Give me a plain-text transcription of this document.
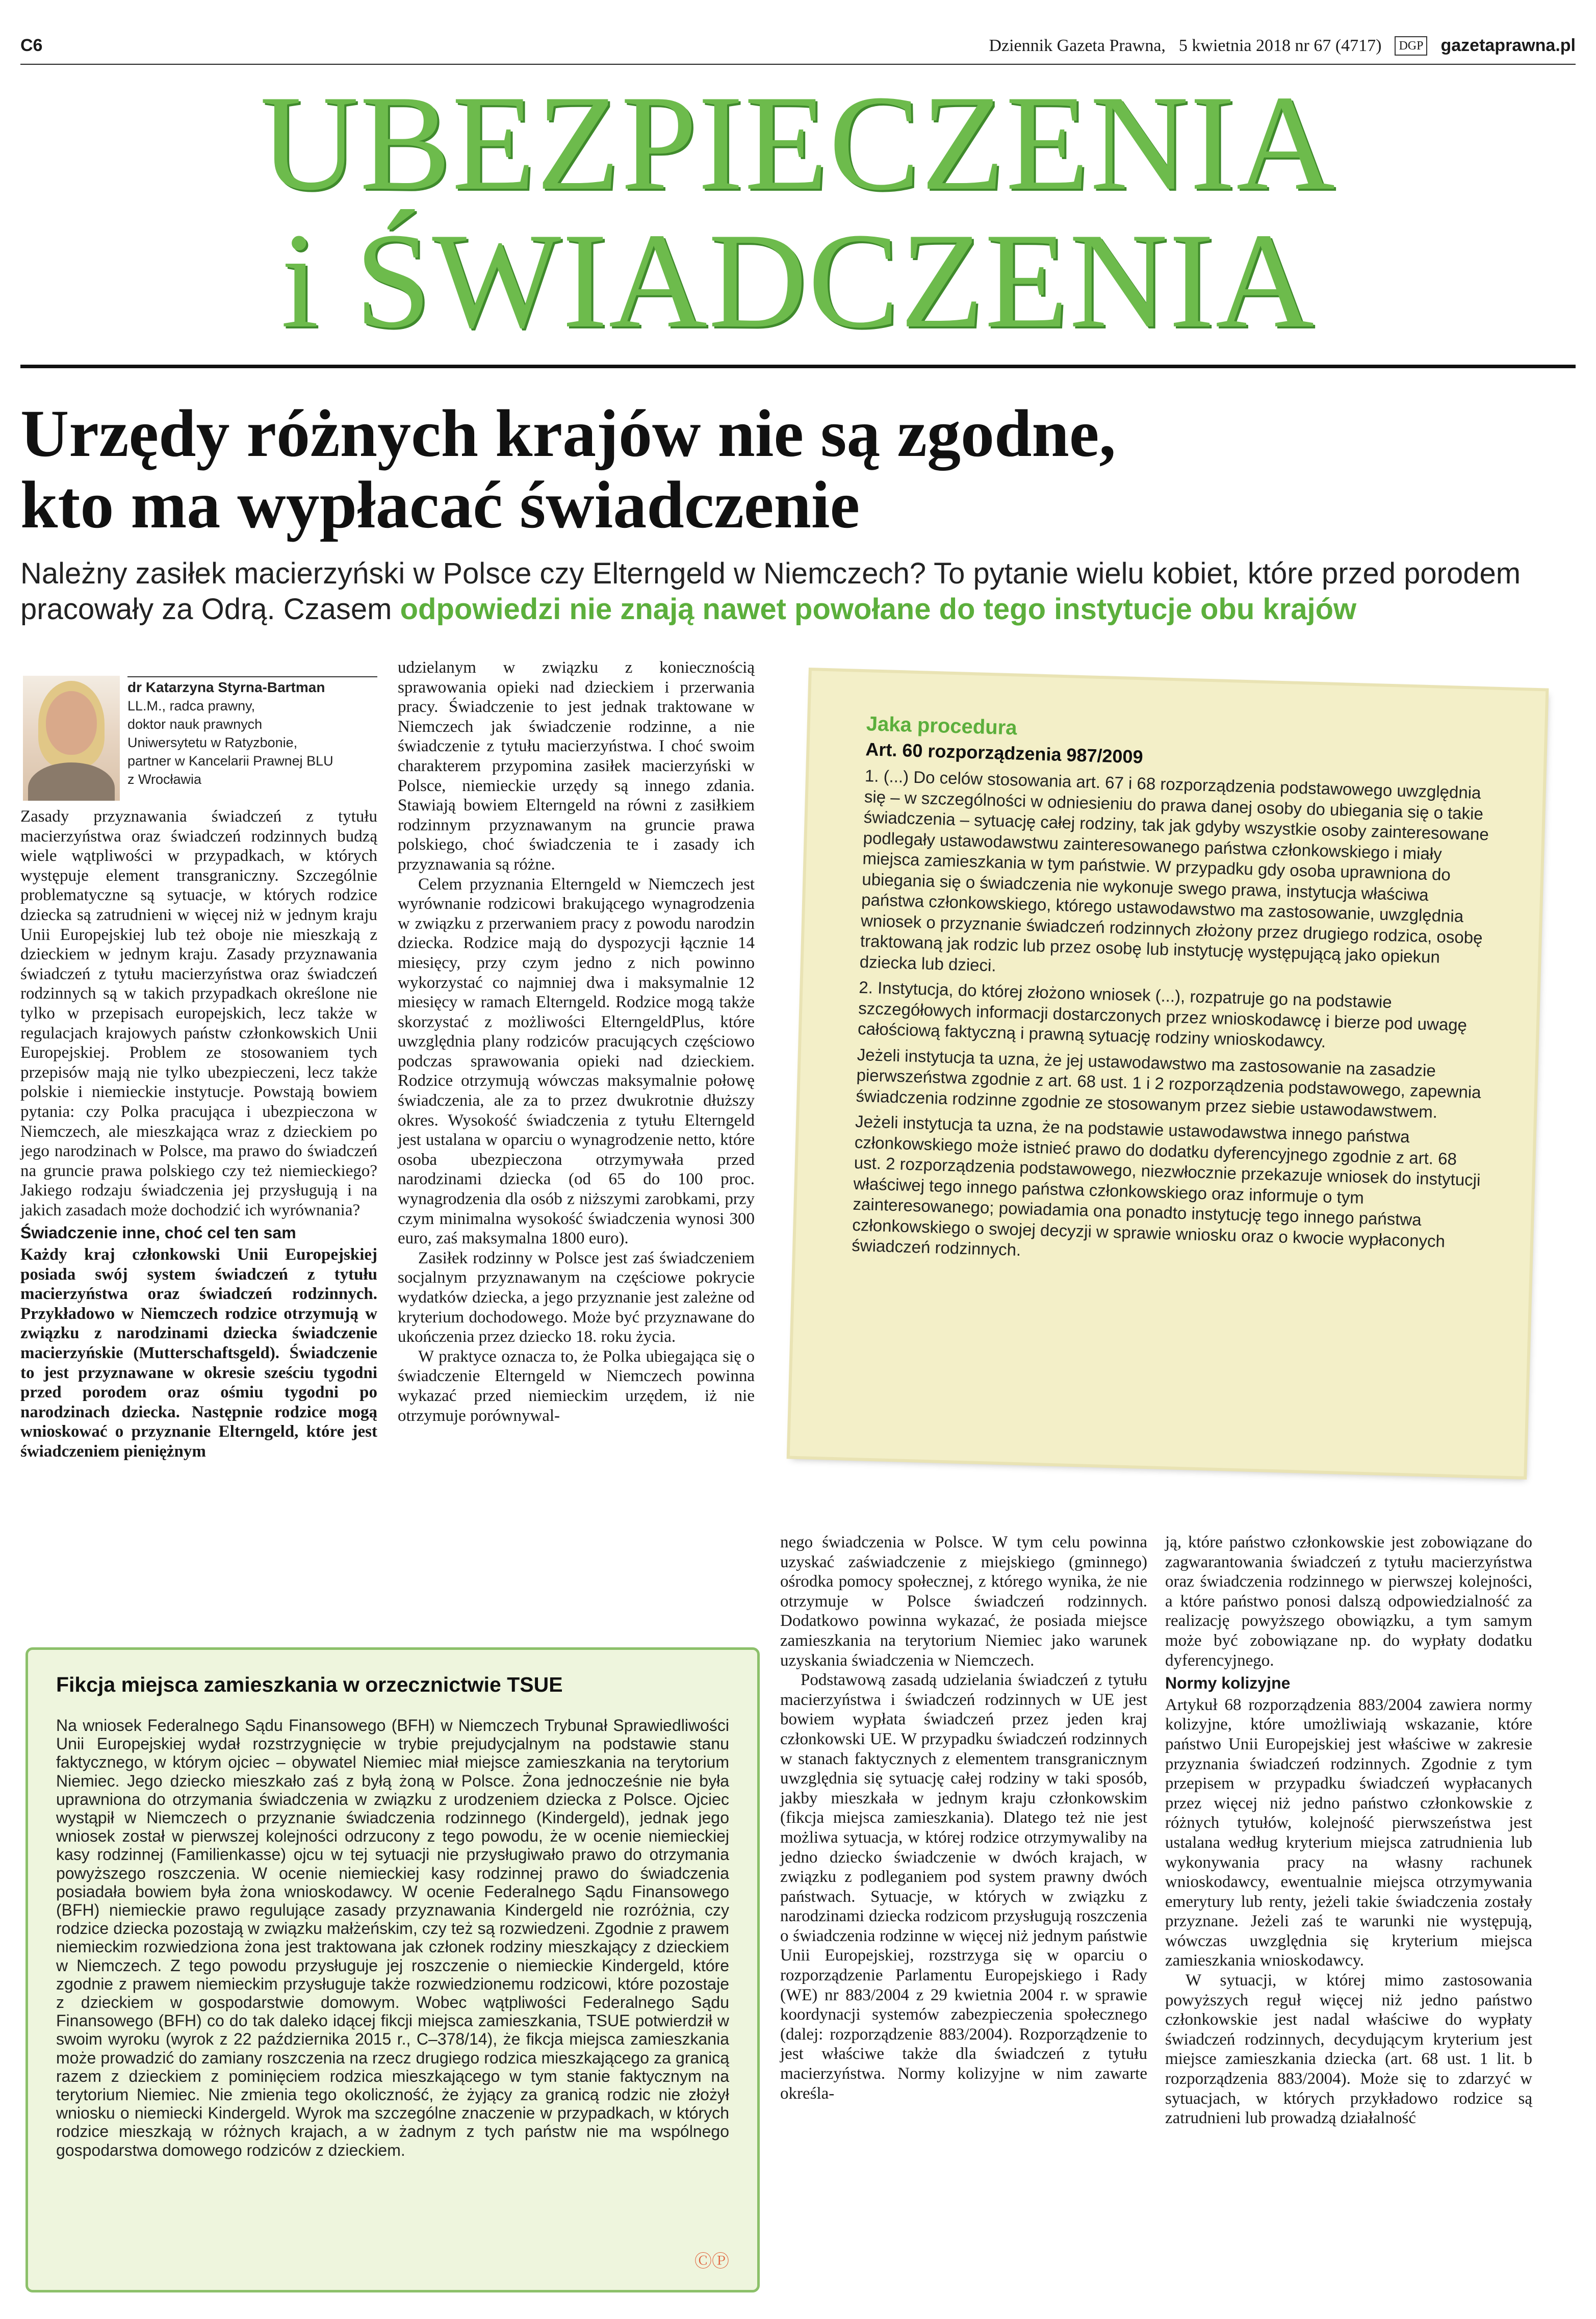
C6	Dziennik Gazeta Prawna, 5 kwietnia 2018 nr 67 (4717)	DGP gazetaprawna.pl
UBEZPIECZENIA
i ŚWIADCZENIA
Urzędy różnych krajów nie są zgodne,
kto ma wypłacać świadczenie
Należny zasiłek macierzyński w Polsce czy Elterngeld w Niemczech? To pytanie wielu kobiet, które przed porodem pracowały za Odrą. Czasem odpowiedzi nie znają nawet powołane do tego instytucje obu krajów
dr Katarzyna Styrna-Bartman
LL.M., radca prawny,
doktor nauk prawnych
Uniwersytetu w Ratyzbonie,
partner w Kancelarii Prawnej BLU
z Wrocławia

Zasady przyznawania świadczeń z tytułu macierzyństwa oraz świadczeń rodzinnych budzą wiele wątpliwości w przypadkach, w których występuje element transgraniczny. Szczególnie problematyczne są sytuacje, w których rodzice dziecka są zatrudnieni w więcej niż w jednym kraju Unii Europejskiej lub też oboje nie mieszkają z dzieckiem w jednym kraju. Zasady przyznawania świadczeń z tytułu macierzyństwa oraz świadczeń rodzinnych są w takich przypadkach określone nie tylko w przepisach europejskich, lecz także w regulacjach krajowych państw członkowskich Unii Europejskiej. Problem ze stosowaniem tych przepisów mają nie tylko ubezpieczeni, lecz także polskie i niemieckie instytucje. Powstają bowiem pytania: czy Polka pracująca i ubezpieczona w Niemczech, ale mieszkająca wraz z dzieckiem po jego narodzinach w Polsce, ma prawo do świadczeń na gruncie prawa polskiego czy też niemieckiego? Jakiego rodzaju świadczenia jej przysługują i na jakich zasadach może dochodzić ich wyrównania?

Świadczenie inne, choć cel ten sam

Każdy kraj członkowski Unii Europejskiej posiada swój system świadczeń z tytułu macierzyństwa oraz świadczeń rodzinnych. Przykładowo w Niemczech rodzice otrzymują w związku z narodzinami dziecka świadczenie macierzyńskie (Mutterschaftsgeld). Świadczenie to jest przyznawane w okresie sześciu tygodni przed porodem oraz ośmiu tygodni po narodzinach dziecka. Następnie rodzice mogą wnioskować o przyznanie Elterngeld, które jest świadczeniem pieniężnym

udzielanym w związku z koniecznością sprawowania opieki nad dzieckiem i przerwania pracy. Świadczenie to jest jednak traktowane w Niemczech jak świadczenie rodzinne, a nie świadczenie z tytułu macierzyństwa. I choć swoim charakterem przypomina zasiłek macierzyński w Polsce, niemieckie urzędy są innego zdania. Stawiają bowiem Elterngeld na równi z zasiłkiem rodzinnym przyznawanym na gruncie prawa polskiego, choć świadczenia te i zasady ich przyznawania są różne.

Celem przyznania Elterngeld w Niemczech jest wyrównanie rodzicowi brakującego wynagrodzenia w związku z przerwaniem pracy z powodu narodzin dziecka. Rodzice mają do dyspozycji łącznie 14 miesięcy, przy czym jedno z nich powinno wykorzystać co najmniej dwa i maksymalnie 12 miesięcy w ramach Elterngeld. Rodzice mogą także skorzystać z możliwości ElterngeldPlus, które uwzględnia plany rodziców pracujących częściowo podczas sprawowania opieki nad dzieckiem. Rodzice otrzymują wówczas maksymalnie połowę świadczenia, ale za to przez dwukrotnie dłuższy okres. Wysokość świadczenia z tytułu Elterngeld jest ustalana w oparciu o wynagrodzenie netto, które osoba ubezpieczona otrzymywała przed narodzinami dziecka (od 65 do 100 proc. wynagrodzenia dla osób z niższymi zarobkami, przy czym minimalna wysokość świadczenia wynosi 300 euro, zaś maksymalna 1800 euro).

Zasiłek rodzinny w Polsce jest zaś świadczeniem socjalnym przyznawanym na częściowe pokrycie wydatków dziecka, a jego przyznanie jest zależne od kryterium dochodowego. Może być przyznawane do ukończenia przez dziecko 18. roku życia.

W praktyce oznacza to, że Polka ubiegająca się o świadczenie Elterngeld w Niemczech powinna wykazać przed niemieckim urzędem, iż nie otrzymuje porównywal-

Jaka procedura
Art. 60 rozporządzenia 987/2009

1. (...) Do celów stosowania art. 67 i 68 rozporządzenia podstawowego uwzględnia się – w szczególności w odniesieniu do prawa danej osoby do ubiegania się o takie świadczenia – sytuację całej rodziny, tak jak gdyby wszystkie osoby zainteresowane podlegały ustawodawstwu zainteresowanego państwa członkowskiego i miały miejsca zamieszkania w tym państwie. W przypadku gdy osoba uprawniona do ubiegania się o świadczenia nie wykonuje swego prawa, instytucja właściwa państwa członkowskiego, którego ustawodawstwo ma zastosowanie, uwzględnia wniosek o przyznanie świadczeń rodzinnych złożony przez drugiego rodzica, osobę traktowaną jak rodzic lub przez osobę lub instytucję występującą jako opiekun dziecka lub dzieci.

2. Instytucja, do której złożono wniosek (...), rozpatruje go na podstawie szczegółowych informacji dostarczonych przez wnioskodawcę i bierze pod uwagę całościową faktyczną i prawną sytuację rodziny wnioskodawcy.

Jeżeli instytucja ta uzna, że jej ustawodawstwo ma zastosowanie na zasadzie pierwszeństwa zgodnie z art. 68 ust. 1 i 2 rozporządzenia podstawowego, zapewnia świadczenia rodzinne zgodnie ze stosowanym przez siebie ustawodawstwem.

Jeżeli instytucja ta uzna, że na podstawie ustawodawstwa innego państwa członkowskiego może istnieć prawo do dodatku dyferencyjnego zgodnie z art. 68 ust. 2 rozporządzenia podstawowego, niezwłocznie przekazuje wniosek do instytucji właściwej tego innego państwa członkowskiego oraz informuje o tym zainteresowanego; powiadamia ona ponadto instytucję tego innego państwa członkowskiego o swojej decyzji w sprawie wniosku oraz o kwocie wypłaconych świadczeń rodzinnych.

Fikcja miejsca zamieszkania w orzecznictwie TSUE
Na wniosek Federalnego Sądu Finansowego (BFH) w Niemczech Trybunał Sprawiedliwości Unii Europejskiej wydał rozstrzygnięcie w trybie prejudycjalnym na podstawie stanu faktycznego, w którym ojciec – obywatel Niemiec miał miejsce zamieszkania na terytorium Niemiec. Jego dziecko mieszkało zaś z byłą żoną w Polsce. Żona jednocześnie nie była uprawniona do otrzymania świadczenia w związku z urodzeniem dziecka z Polsce. Ojciec wystąpił w Niemczech o przyznanie świadczenia rodzinnego (Kindergeld), jednak jego wniosek został w pierwszej kolejności odrzucony z tego powodu, że w ocenie niemieckiej kasy rodzinnej (Familienkasse) ojcu w tej sytuacji nie przysługiwało prawo do otrzymania powyższego roszczenia. W ocenie niemieckiej kasy rodzinnej prawo do świadczenia posiadała bowiem była żona wnioskodawcy. W ocenie Federalnego Sądu Finansowego (BFH) niemieckie prawo regulujące zasady przyznawania Kindergeld nie rozróżnia, czy rodzice dziecka pozostają w związku małżeńskim, czy też są rozwiedzeni. Zgodnie z prawem niemieckim rozwiedziona żona jest traktowana jak członek rodziny mieszkający z dzieckiem w Niemczech. Z tego powodu przysługuje jej roszczenie o niemieckie Kindergeld, które zgodnie z prawem niemieckim przysługuje także rozwiedzionemu rodzicowi, które pozostaje z dzieckiem w gospodarstwie domowym. Wobec wątpliwości Federalnego Sądu Finansowego (BFH) co do tak daleko idącej fikcji miejsca zamieszkania, TSUE potwierdził w swoim wyroku (wyrok z 22 października 2015 r., C–378/14), że fikcja miejsca zamieszkania może prowadzić do zamiany roszczenia na rzecz drugiego rodzica mieszkającego za granicą razem z dzieckiem z pominięciem rodzica mieszkającego w tym stanie faktycznym na terytorium Niemiec. Nie zmienia tego okoliczność, że żyjący za granicą rodzic nie złożył wniosku o niemiecki Kindergeld. Wyrok ma szczególne znaczenie w przypadkach, w których rodzice mieszkają w różnych krajach, a w żadnym z tych państw nie ma wspólnego gospodarstwa domowego rodziców z dzieckiem.
ⒸⓅ

nego świadczenia w Polsce. W tym celu powinna uzyskać zaświadczenie z miejskiego (gminnego) ośrodka pomocy społecznej, z którego wynika, że nie otrzymuje w Polsce świadczeń rodzinnych. Dodatkowo powinna wykazać, że posiada miejsce zamieszkania na terytorium Niemiec jako warunek uzyskania świadczenia w Niemczech.

Podstawową zasadą udzielania świadczeń z tytułu macierzyństwa i świadczeń rodzinnych w UE jest bowiem wypłata świadczeń przez jeden kraj członkowski UE. W przypadku świadczeń rodzinnych w stanach faktycznych z elementem transgranicznym uwzględnia się sytuację całej rodziny w taki sposób, jakby mieszkała w jednym kraju członkowskim (fikcja miejsca zamieszkania). Dlatego też nie jest możliwa sytuacja, w której rodzice otrzymywaliby na jedno dziecko świadczenie w dwóch krajach, w związku z podleganiem pod system prawny dwóch państwach. Sytuacje, w których w związku z narodzinami dziecka rodzicom przysługują roszczenia o świadczenia rodzinne w więcej niż jednym państwie Unii Europejskiej, rozstrzyga się w oparciu o rozporządzenie Parlamentu Europejskiego i Rady (WE) nr 883/2004 z 29 kwietnia 2004 r. w sprawie koordynacji systemów zabezpieczenia społecznego (dalej: rozporządzenie 883/2004). Rozporządzenie to jest właściwe także dla świadczeń z tytułu macierzyństwa. Normy kolizyjne w nim zawarte określa-

ją, które państwo członkowskie jest zobowiązane do zagwarantowania świadczeń z tytułu macierzyństwa oraz świadczenia rodzinnego w pierwszej kolejności, a które państwo ponosi dalszą odpowiedzialność za realizację powyższego obowiązku, a tym samym może być zobowiązane np. do wypłaty dodatku dyferencyjnego.

Normy kolizyjne

Artykuł 68 rozporządzenia 883/2004 zawiera normy kolizyjne, które umożliwiają wskazanie, które państwo Unii Europejskiej jest właściwe w zakresie przyznania świadczeń rodzinnych. Zgodnie z tym przepisem w przypadku świadczeń wypłacanych przez więcej niż jedno państwo członkowskie z różnych tytułów, kolejność pierwszeństwa jest ustalana według kryterium miejsca zatrudnienia lub wykonywania pracy na własny rachunek wnioskodawcy, ewentualnie miejsca otrzymywania emerytury lub renty, jeżeli takie świadczenia zostały przyznane. Jeżeli zaś te warunki nie występują, wówczas uwzględnia się kryterium miejsca zamieszkania wnioskodawcy.

W sytuacji, w której mimo zastosowania powyższych reguł więcej niż jedno państwo członkowskie jest nadal właściwe do wypłaty świadczeń rodzinnych, decydującym kryterium jest miejsce zamieszkania dziecka (art. 68 ust. 1 lit. b rozporządzenia 883/2004). Może się to zdarzyć w sytuacjach, w których przykładowo rodzice są zatrudnieni lub prowadzą działalność
